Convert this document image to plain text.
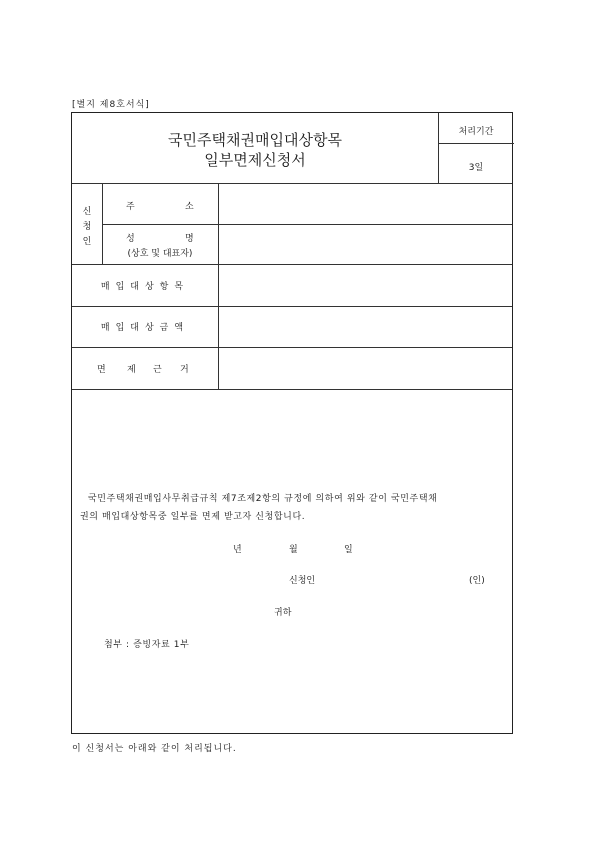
[별지 제8호서식]
국민주택채권매입대상항목
일부면제신청서
처리기간
3일
신
청
인
주	소
성	명
(상호 및 대표자)
매입대상항목
매입대상금액
면 제 근 거
국민주택채권매입사무취급규칙 제7조제2항의 규정에 의하여 위와 같이 국민주택채
권의 매입대상항목중 일부를 면제 받고자 신청합니다.
년	월	일
신청인	(인)
귀하
첨부 : 증빙자료 1부
이 신청서는 아래와 같이 처리됩니다.
